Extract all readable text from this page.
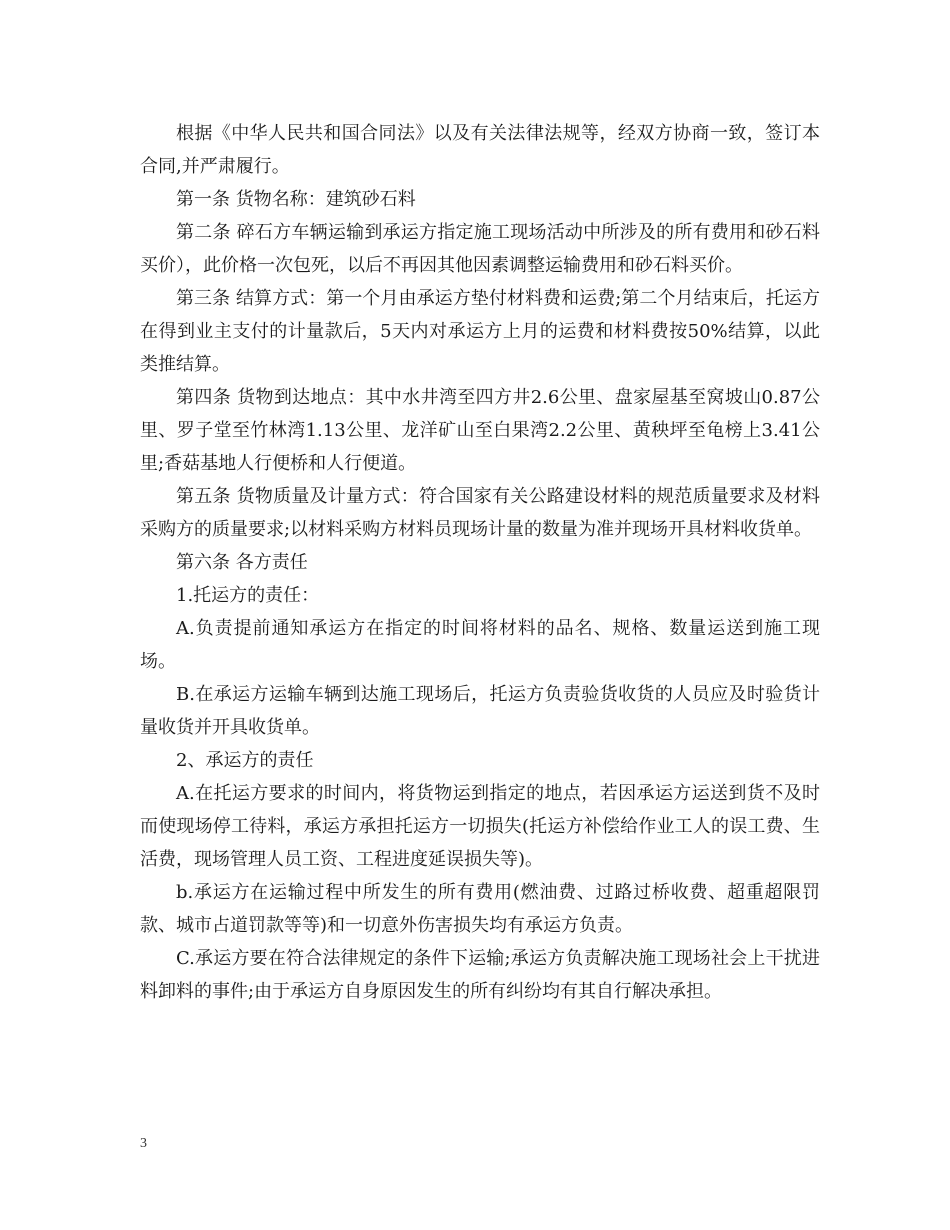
根据《中华人民共和国合同法》以及有关法律法规等，经双方协商一致，签订本合同,并严肃履行。

第一条 货物名称：建筑砂石料

第二条 碎石方车辆运输到承运方指定施工现场活动中所涉及的所有费用和砂石料买价），此价格一次包死，以后不再因其他因素调整运输费用和砂石料买价。

第三条 结算方式：第一个月由承运方垫付材料费和运费;第二个月结束后，托运方在得到业主支付的计量款后，5天内对承运方上月的运费和材料费按50%结算，以此类推结算。

第四条 货物到达地点：其中水井湾至四方井2.6公里、盘家屋基至窝坡山0.87公里、罗子堂至竹林湾1.13公里、龙洋矿山至白果湾2.2公里、黄秧坪至龟榜上3.41公里;香菇基地人行便桥和人行便道。

第五条 货物质量及计量方式：符合国家有关公路建设材料的规范质量要求及材料采购方的质量要求;以材料采购方材料员现场计量的数量为准并现场开具材料收货单。

第六条 各方责任

1.托运方的责任：

A.负责提前通知承运方在指定的时间将材料的品名、规格、数量运送到施工现场。

B.在承运方运输车辆到达施工现场后，托运方负责验货收货的人员应及时验货计量收货并开具收货单。

2、承运方的责任

A.在托运方要求的时间内，将货物运到指定的地点，若因承运方运送到货不及时而使现场停工待料，承运方承担托运方一切损失(托运方补偿给作业工人的误工费、生活费，现场管理人员工资、工程进度延误损失等)。

b.承运方在运输过程中所发生的所有费用(燃油费、过路过桥收费、超重超限罚款、城市占道罚款等等)和一切意外伤害损失均有承运方负责。

C.承运方要在符合法律规定的条件下运输;承运方负责解决施工现场社会上干扰进料卸料的事件;由于承运方自身原因发生的所有纠纷均有其自行解决承担。

3
